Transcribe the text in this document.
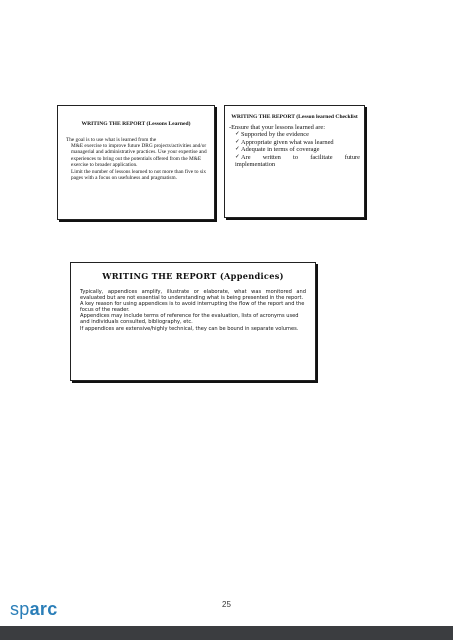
WRITING THE REPORT (Lessons Learned)

The goal is to use what is learned from the

M&E exercise to improve future DRG projects/activities and/or managerial and administrative practices. Use your expertise and experiences to bring out the potentials offered from the M&E exercise to broader application.

Limit the number of lessons learned to not more than five to six pages with a focus on usefulness and pragmatism.

WRITING THE REPORT (Lesson learned Checklist
-Ensure that your lessons learned are:
✓ Supported by the evidence
✓ Appropriate given what was learned
✓ Adequate in terms of coverage
✓ Are written to facilitate future
implementation
WRITING THE REPORT (Appendices)

Typically, appendices amplify, illustrate or elaborate, what was monitored and evaluated but are not essential to understanding what is being presented in the report.

A key reason for using appendices is to avoid interrupting the flow of the report and the focus of the reader.

Appendices may include terms of reference for the evaluation, lists of acronyms used and individuals consulted, bibliography, etc.

If appendices are extensive/highly technical, they can be bound in separate volumes.

25
sparc
